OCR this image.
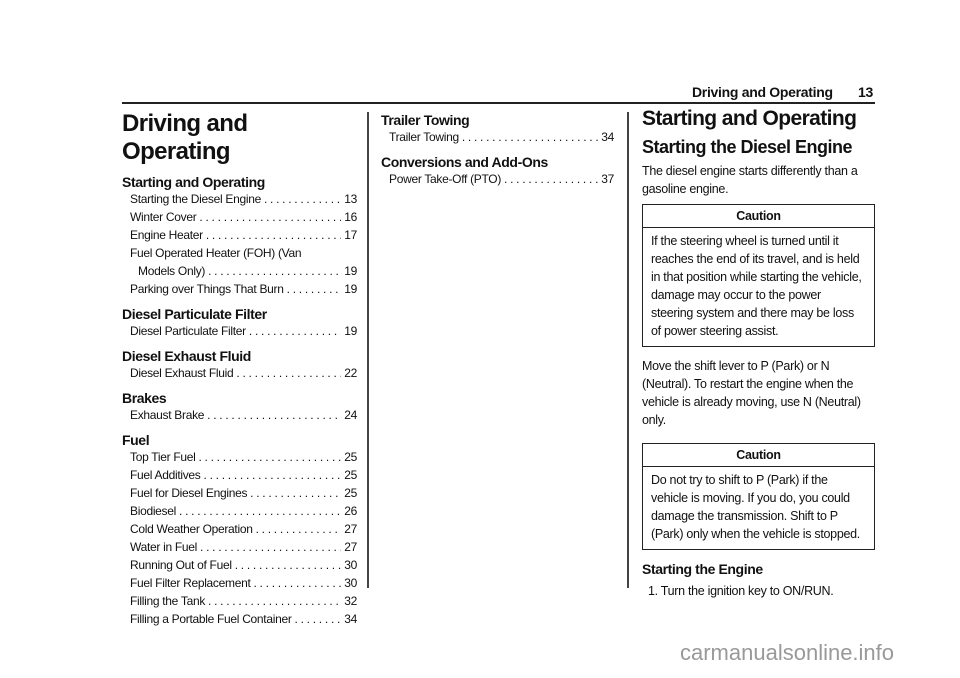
Driving and Operating 13
Driving and Operating
Starting and Operating
Starting the Diesel Engine . . .	13
Winter Cover . . .	16
Engine Heater . . .	17
Fuel Operated Heater (FOH) (Van
Models Only) . . .	19
Parking over Things That Burn . . .	19
Diesel Particulate Filter
Diesel Particulate Filter . . .	19
Diesel Exhaust Fluid
Diesel Exhaust Fluid . . .	22
Brakes
Exhaust Brake . . .	24
Fuel
Top Tier Fuel . . .	25
Fuel Additives . . .	25
Fuel for Diesel Engines . . .	25
Biodiesel . . .	26
Cold Weather Operation . . .	27
Water in Fuel . . .	27
Running Out of Fuel . . .	30
Fuel Filter Replacement . . .	30
Filling the Tank . . .	32
Filling a Portable Fuel Container . . .	34
Trailer Towing
Trailer Towing . . .	34
Conversions and Add-Ons
Power Take-Off (PTO) . . .	37
Starting and Operating
Starting the Diesel Engine
The diesel engine starts differently than a gasoline engine.
Caution
If the steering wheel is turned until it reaches the end of its travel, and is held in that position while starting the vehicle, damage may occur to the power steering system and there may be loss of power steering assist.
Move the shift lever to P (Park) or N (Neutral). To restart the engine when the vehicle is already moving, use N (Neutral) only.
Caution
Do not try to shift to P (Park) if the vehicle is moving. If you do, you could damage the transmission. Shift to P (Park) only when the vehicle is stopped.
Starting the Engine
1. Turn the ignition key to ON/RUN.
carmanualsonline.info
